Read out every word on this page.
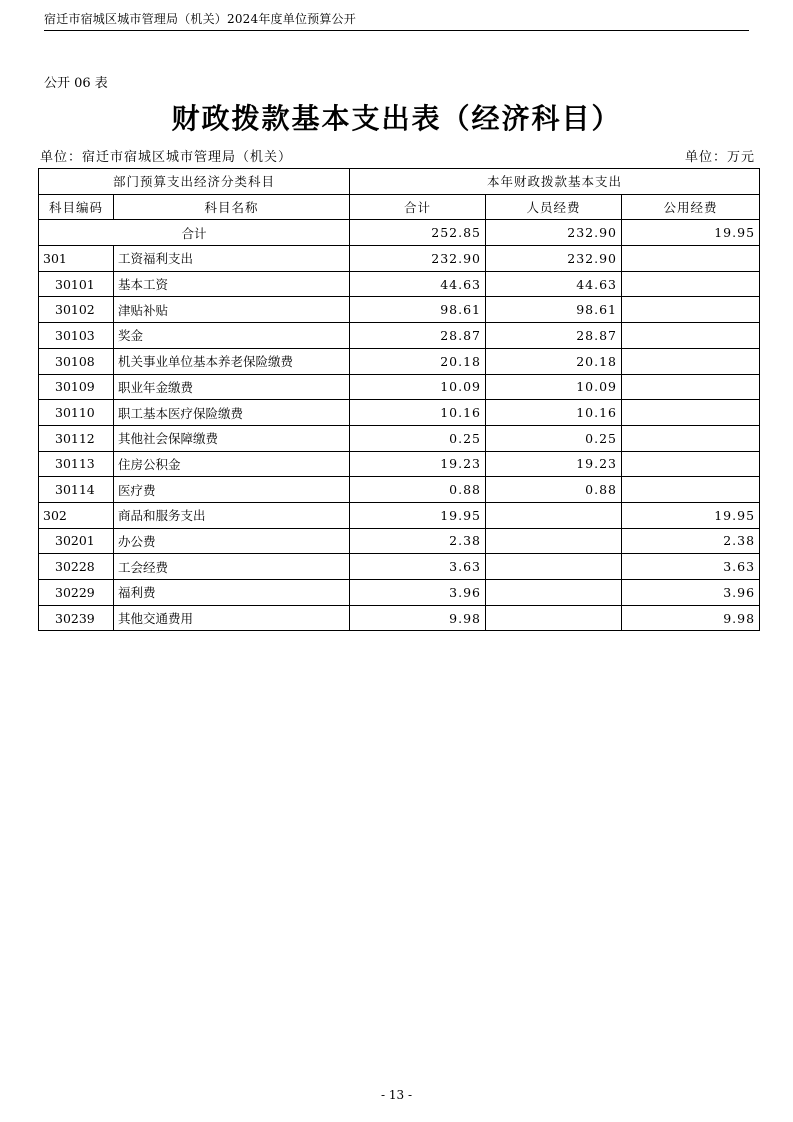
宿迁市宿城区城市管理局（机关）2024年度单位预算公开
公开 06 表
财政拨款基本支出表（经济科目）
单位：宿迁市宿城区城市管理局（机关）	单位：万元
部门预算支出经济分类科目		本年财政拨款基本支出		
科目编码	科目名称	合计	人员经费	公用经费
合计		252.85	232.90	19.95
301	工资福利支出	232.90	232.90	
30101	基本工资	44.63	44.63	
30102	津贴补贴	98.61	98.61	
30103	奖金	28.87	28.87	
30108	机关事业单位基本养老保险缴费	20.18	20.18	
30109	职业年金缴费	10.09	10.09	
30110	职工基本医疗保险缴费	10.16	10.16	
30112	其他社会保障缴费	0.25	0.25	
30113	住房公积金	19.23	19.23	
30114	医疗费	0.88	0.88	
302	商品和服务支出	19.95		19.95
30201	办公费	2.38		2.38
30228	工会经费	3.63		3.63
30229	福利费	3.96		3.96
30239	其他交通费用	9.98		9.98
- 13 -
